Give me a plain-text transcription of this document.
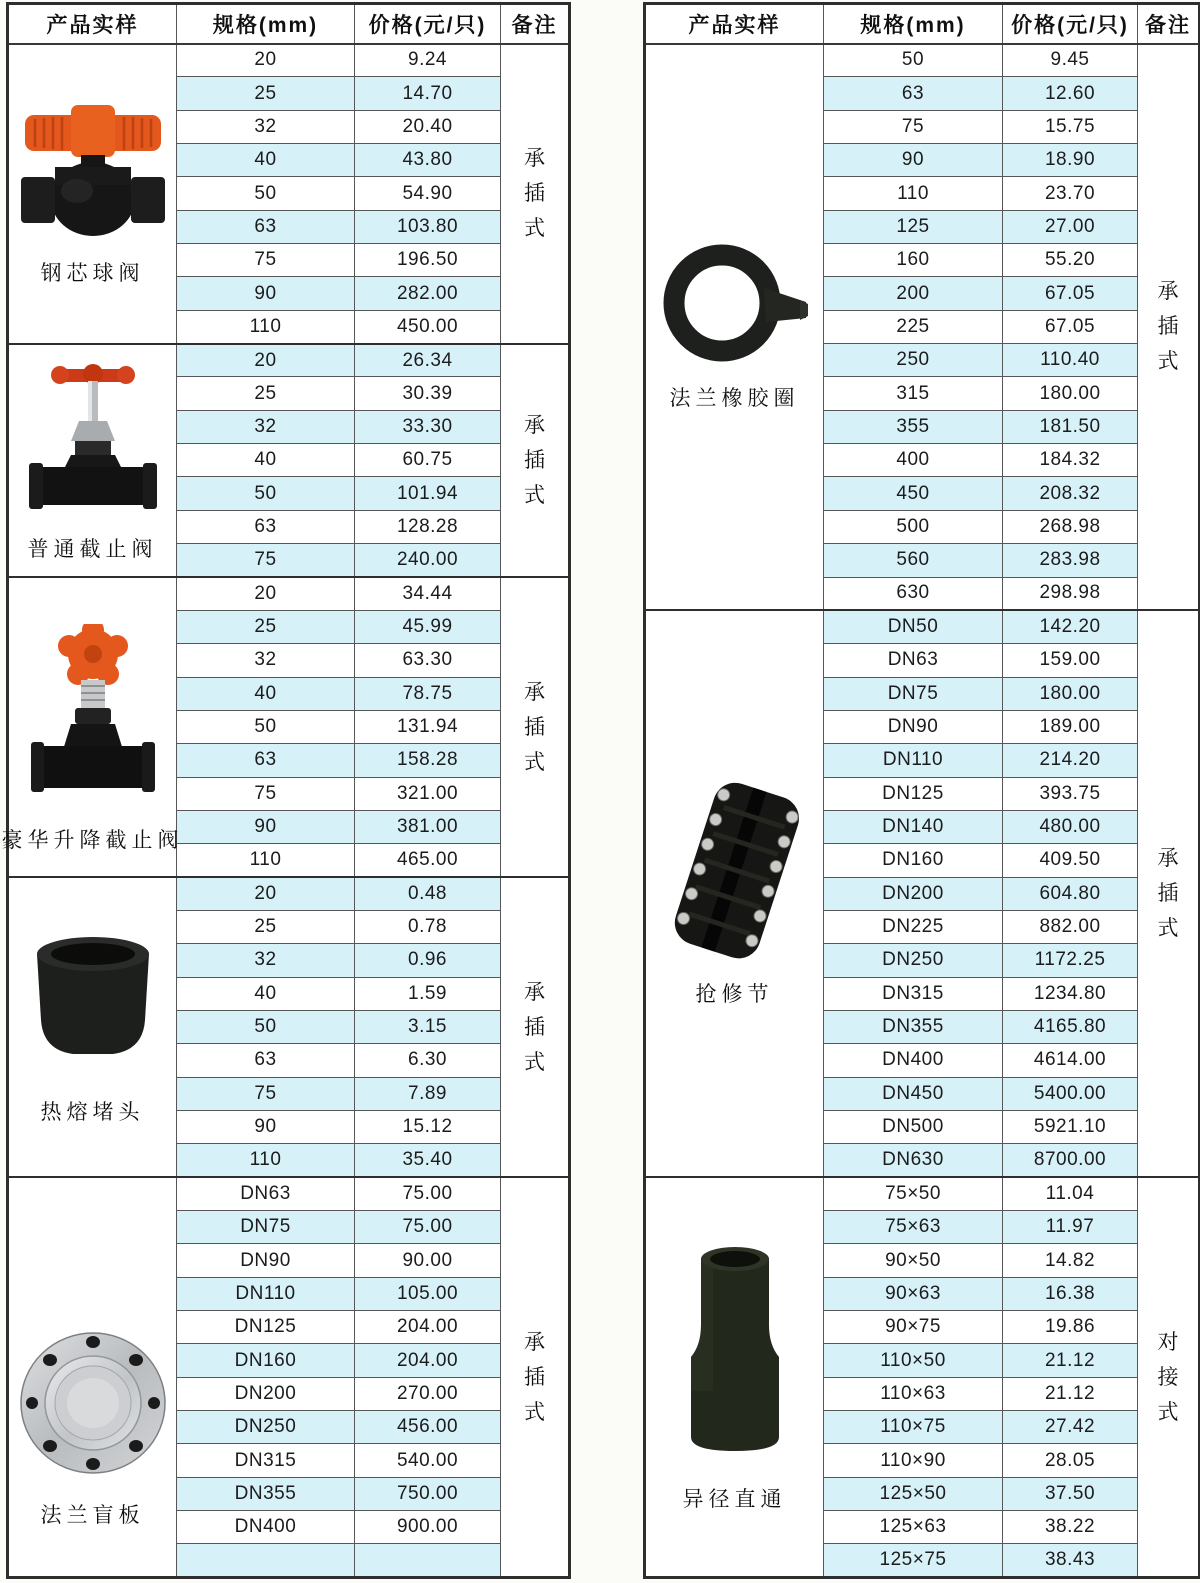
产品实样	规格(mm)	价格(元/只)	备注

钢芯球阀	20	9.24	承插式
	25	14.70	
	32	20.40	
	40	43.80	
	50	54.90	
	63	103.80	
	75	196.50	
	90	282.00	
	110	450.00	

普通截止阀	20	26.34	承插式
	25	30.39	
	32	33.30	
	40	60.75	
	50	101.94	
	63	128.28	
	75	240.00	

豪华升降截止阀	20	34.44	承插式
	25	45.99	
	32	63.30	
	40	78.75	
	50	131.94	
	63	158.28	
	75	321.00	
	90	381.00	
	110	465.00	

热熔堵头	20	0.48	承插式
	25	0.78	
	32	0.96	
	40	1.59	
	50	3.15	
	63	6.30	
	75	7.89	
	90	15.12	
	110	35.40	

法兰盲板	DN63	75.00	承插式
	DN75	75.00	
	DN90	90.00	
	DN110	105.00	
	DN125	204.00	
	DN160	204.00	
	DN200	270.00	
	DN250	456.00	
	DN315	540.00	
	DN355	750.00	
	DN400	900.00	

产品实样	规格(mm)	价格(元/只)	备注

法兰橡胶圈	50	9.45	承插式
	63	12.60	
	75	15.75	
	90	18.90	
	110	23.70	
	125	27.00	
	160	55.20	
	200	67.05	
	225	67.05	
	250	110.40	
	315	180.00	
	355	181.50	
	400	184.32	
	450	208.32	
	500	268.98	
	560	283.98	
	630	298.98	

抢修节	DN50	142.20	承插式
	DN63	159.00	
	DN75	180.00	
	DN90	189.00	
	DN110	214.20	
	DN125	393.75	
	DN140	480.00	
	DN160	409.50	
	DN200	604.80	
	DN225	882.00	
	DN250	1172.25	
	DN315	1234.80	
	DN355	4165.80	
	DN400	4614.00	
	DN450	5400.00	
	DN500	5921.10	
	DN630	8700.00	

异径直通	75×50	11.04	对接式
	75×63	11.97	
	90×50	14.82	
	90×63	16.38	
	90×75	19.86	
	110×50	21.12	
	110×63	21.12	
	110×75	27.42	
	110×90	28.05	
	125×50	37.50	
	125×63	38.22	
	125×75	38.43	
